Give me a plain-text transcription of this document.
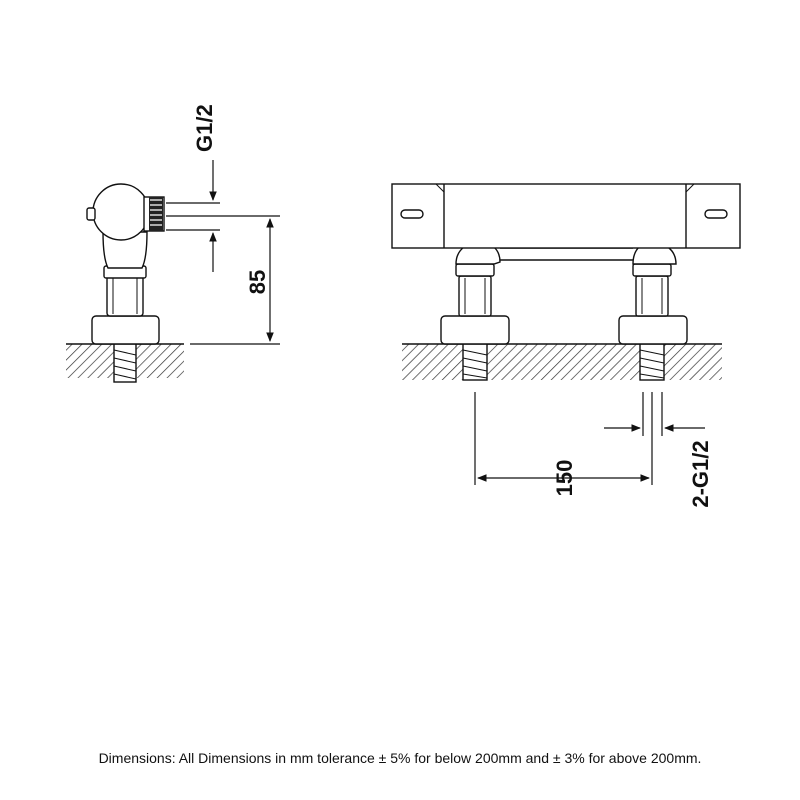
G1/2
85
150	2-G1/2
Dimensions: All Dimensions in mm tolerance ± 5% for below 200mm and ± 3% for above 200mm.
